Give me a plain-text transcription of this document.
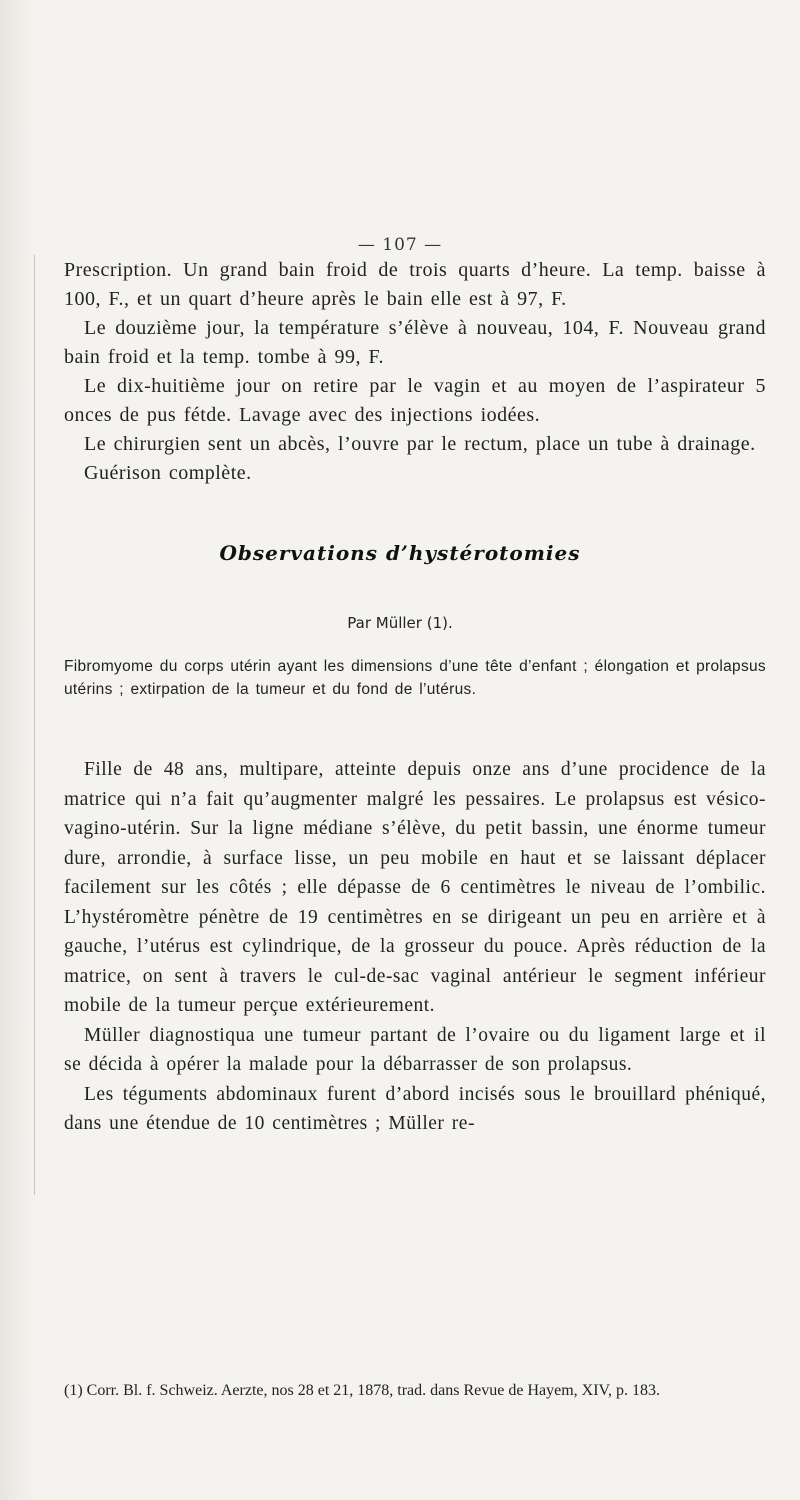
— 107 —

Prescription. Un grand bain froid de trois quarts d’heure. La temp. baisse à 100, F., et un quart d’heure après le bain elle est à 97, F.

Le douzième jour, la température s’élève à nouveau, 104, F. Nouveau grand bain froid et la temp. tombe à 99, F.

Le dix-huitième jour on retire par le vagin et au moyen de l’aspirateur 5 onces de pus fétde. Lavage avec des injections iodées.

Le chirurgien sent un abcès, l’ouvre par le rectum, place un tube à drainage.

Guérison complète.

Observations d’hystérotomies
Par Müller (1).

Fibromyome du corps utérin ayant les dimensions d’une tête d’enfant ; élongation et prolapsus utérins ; extirpation de la tumeur et du fond de l’utérus.

Fille de 48 ans, multipare, atteinte depuis onze ans d’une procidence de la matrice qui n’a fait qu’augmenter malgré les pessaires. Le prolapsus est vésico-vagino-utérin. Sur la ligne médiane s’élève, du petit bassin, une énorme tumeur dure, arrondie, à surface lisse, un peu mobile en haut et se laissant déplacer facilement sur les côtés ; elle dépasse de 6 centimètres le niveau de l’ombilic. L’hystéromètre pénètre de 19 centimètres en se dirigeant un peu en arrière et à gauche, l’utérus est cylindrique, de la grosseur du pouce. Après réduction de la matrice, on sent à travers le cul-de-sac vaginal antérieur le segment inférieur mobile de la tumeur perçue extérieurement.

Müller diagnostiqua une tumeur partant de l’ovaire ou du ligament large et il se décida à opérer la malade pour la débarrasser de son prolapsus.

Les téguments abdominaux furent d’abord incisés sous le brouillard phéniqué, dans une étendue de 10 centimètres ; Müller re-

(1) Corr. Bl. f. Schweiz. Aerzte, nos 28 et 21, 1878, trad. dans Revue de Hayem, XIV, p. 183.
